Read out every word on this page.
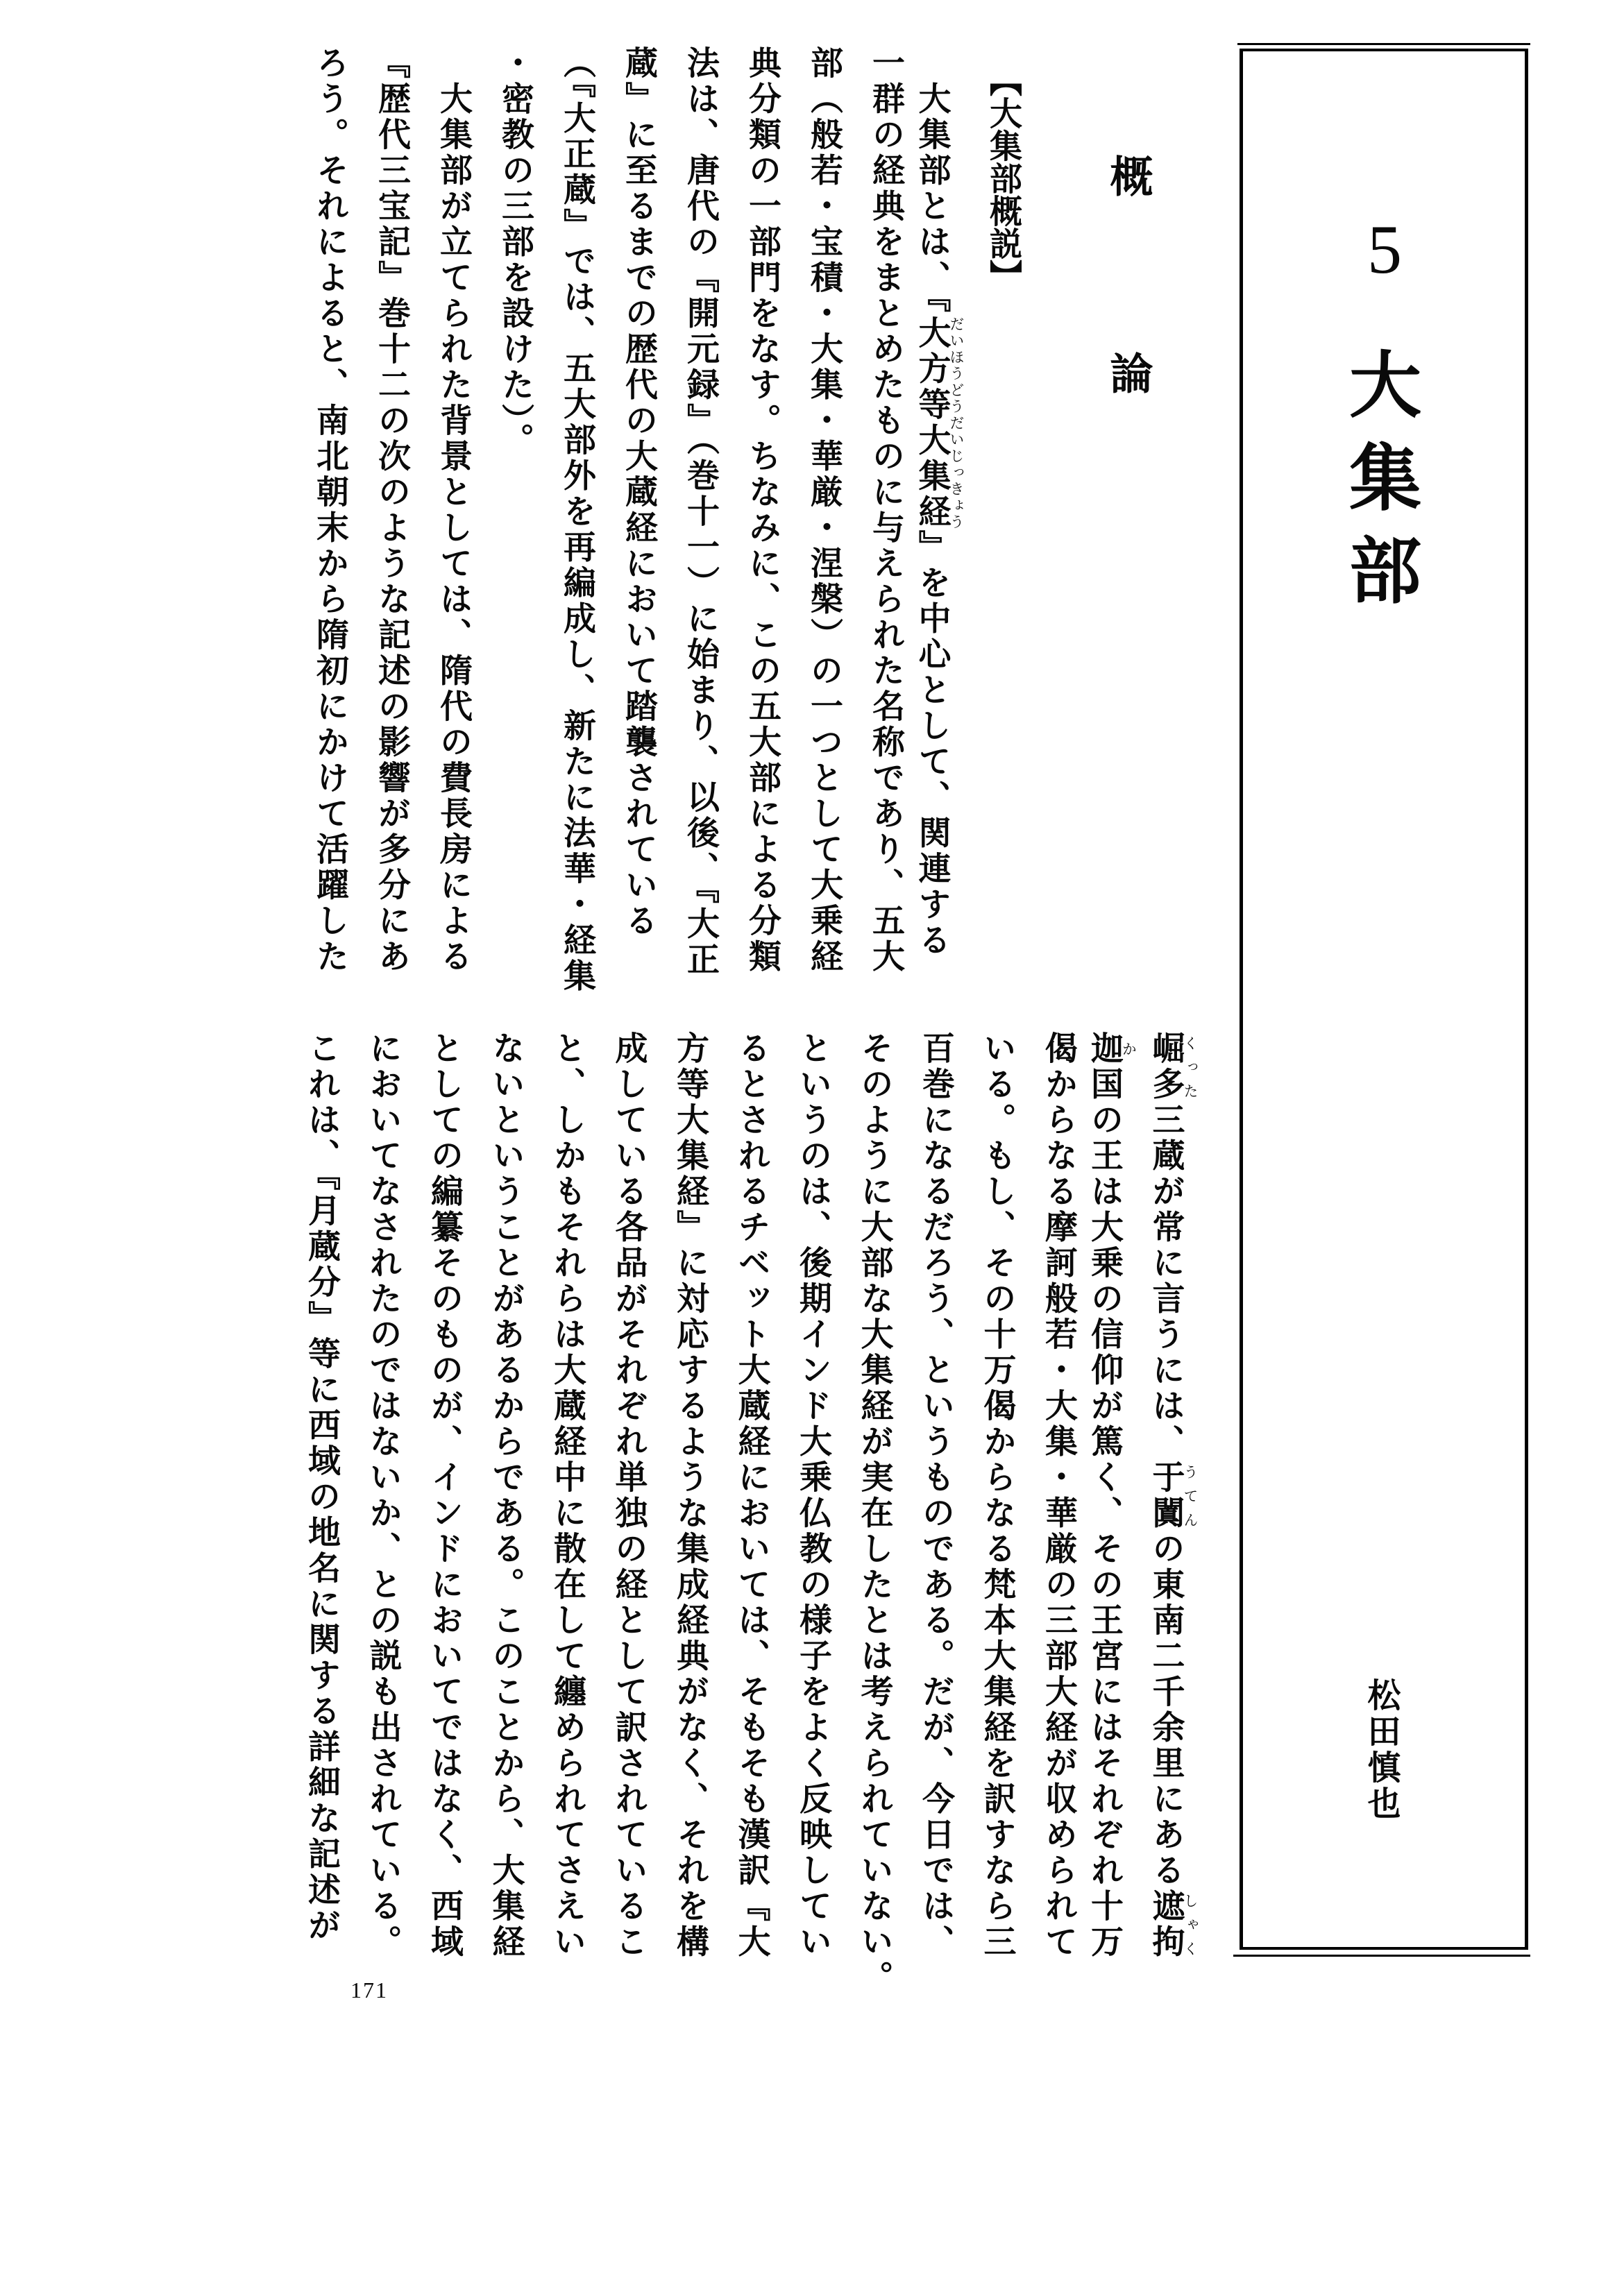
5
大集部
松田慎也
概　論
【大集部概説】
　大集部とは、『大方等大集経だいほうどうだいじっきょう』を中心として、関連する
一群の経典をまとめたものに与えられた名称であり、五大
部（般若・宝積・大集・華厳・涅槃）の一つとして大乗経
典分類の一部門をなす。ちなみに、この五大部による分類
法は、唐代の『開元録』（巻十一）に始まり、以後、『大正
蔵』に至るまでの歴代の大蔵経において踏襲されている
（『大正蔵』では、五大部外を再編成し、新たに法華・経集
・密教の三部を設けた）。
　大集部が立てられた背景としては、隋代の費長房による
『歴代三宝記』巻十二の次のような記述の影響が多分にあ
ろう。それによると、南北朝末から隋初にかけて活躍した
崛多くった三蔵が常に言うには、于闐うてんの東南二千余里にある遮拘しゃく
迦か国の王は大乗の信仰が篤く、その王宮にはそれぞれ十万
偈からなる摩訶般若・大集・華厳の三部大経が収められて
いる。もし、その十万偈からなる梵本大集経を訳すなら三
百巻になるだろう、というものである。だが、今日では、
そのように大部な大集経が実在したとは考えられていない。
というのは、後期インド大乗仏教の様子をよく反映してい
るとされるチベット大蔵経においては、そもそも漢訳『大
方等大集経』に対応するような集成経典がなく、それを構
成している各品がそれぞれ単独の経として訳されているこ
と、しかもそれらは大蔵経中に散在して纏められてさえい
ないということがあるからである。このことから、大集経
としての編纂そのものが、インドにおいてではなく、西域
においてなされたのではないか、との説も出されている。
これは、『月蔵分』等に西域の地名に関する詳細な記述が
171
